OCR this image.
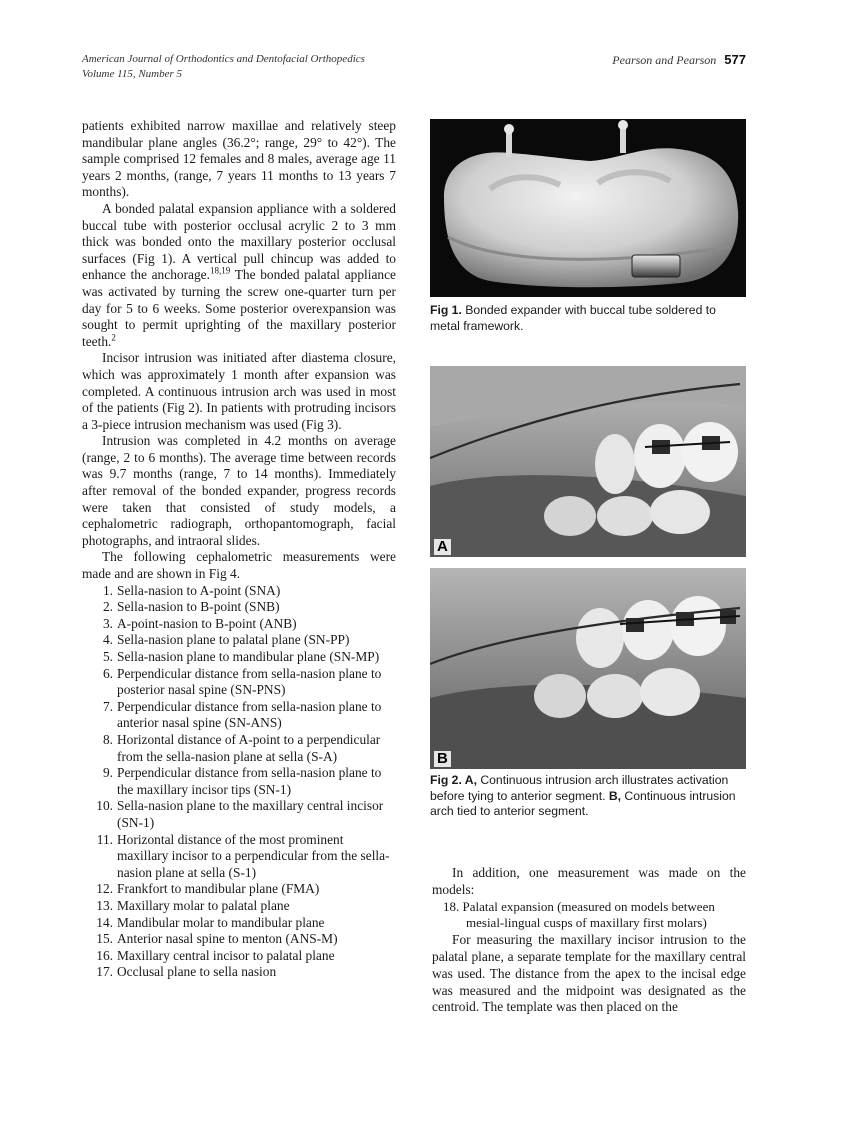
American Journal of Orthodontics and Dentofacial Orthopedics
Volume 115, Number 5
Pearson and Pearson 577

patients exhibited narrow maxillae and relatively steep mandibular plane angles (36.2°; range, 29° to 42°). The sample comprised 12 females and 8 males, average age 11 years 2 months, (range, 7 years 11 months to 13 years 7 months).

A bonded palatal expansion appliance with a soldered buccal tube with posterior occlusal acrylic 2 to 3 mm thick was bonded onto the maxillary posterior occlusal surfaces (Fig 1). A vertical pull chincup was added to enhance the anchorage.$^{18,19}$ The bonded palatal appliance was activated by turning the screw one-quarter turn per day for 5 to 6 weeks. Some posterior overexpansion was sought to permit uprighting of the maxillary posterior teeth.$^2$

Incisor intrusion was initiated after diastema closure, which was approximately 1 month after expansion was completed. A continuous intrusion arch was used in most of the patients (Fig 2). In patients with protruding incisors a 3-piece intrusion mechanism was used (Fig 3).

Intrusion was completed in 4.2 months on average (range, 2 to 6 months). The average time between records was 9.7 months (range, 7 to 14 months). Immediately after removal of the bonded expander, progress records were taken that consisted of study models, a cephalometric radiograph, orthopantomograph, facial photographs, and intraoral slides.

The following cephalometric measurements were made and are shown in Fig 4.

1. Sella-nasion to A-point (SNA)
2. Sella-nasion to B-point (SNB)
3. A-point-nasion to B-point (ANB)
4. Sella-nasion plane to palatal plane (SN-PP)
5. Sella-nasion plane to mandibular plane (SN-MP)
6. Perpendicular distance from sella-nasion plane to posterior nasal spine (SN-PNS)
7. Perpendicular distance from sella-nasion plane to anterior nasal spine (SN-ANS)
8. Horizontal distance of A-point to a perpendicular from the sella-nasion plane at sella (S-A)
9. Perpendicular distance from sella-nasion plane to the maxillary incisor tips (SN-1)
10. Sella-nasion plane to the maxillary central incisor (SN-1)
11. Horizontal distance of the most prominent maxillary incisor to a perpendicular from the sella-nasion plane at sella (S-1)
12. Frankfort to mandibular plane (FMA)
13. Maxillary molar to palatal plane
14. Mandibular molar to mandibular plane
15. Anterior nasal spine to menton (ANS-M)
16. Maxillary central incisor to palatal plane
17. Occlusal plane to sella nasion
Fig 1. Bonded expander with buccal tube soldered to metal framework.
A
B
Fig 2. A, Continuous intrusion arch illustrates activation before tying to anterior segment. B, Continuous intrusion arch tied to anterior segment.

In addition, one measurement was made on the models:

18. Palatal expansion (measured on models between mesial-lingual cusps of maxillary first molars)

For measuring the maxillary incisor intrusion to the palatal plane, a separate template for the maxillary central was used. The distance from the apex to the incisal edge was measured and the midpoint was designated as the centroid. The template was then placed on the
